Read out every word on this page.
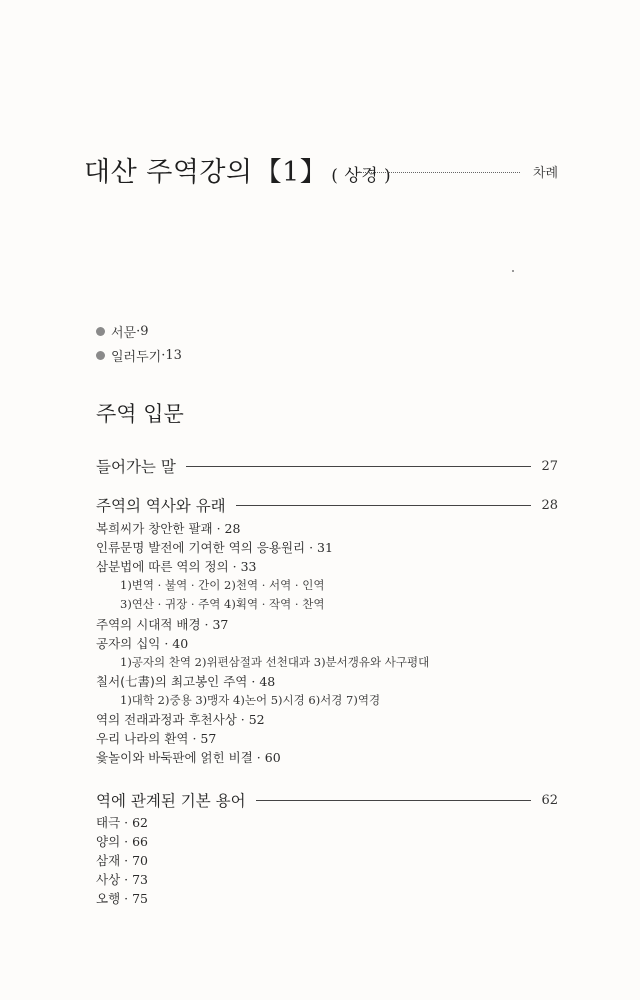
대산 주역강의【1】 ( 상경 )	차례
서문 · 9
일러두기 · 13
주역 입문
들어가는 말	27
주역의 역사와 유래	28
복희씨가 창안한 팔괘 · 28
인류문명 발전에 기여한 역의 응용원리 · 31
삼분법에 따른 역의 정의 · 33
1)변역 · 불역 · 간이 2)천역 · 서역 · 인역
3)연산 · 귀장 · 주역 4)획역 · 작역 · 찬역
주역의 시대적 배경 · 37
공자의 십익 · 40
1)공자의 찬역 2)위편삼절과 선천대과 3)분서갱유와 사구평대
칠서(七書)의 최고봉인 주역 · 48
1)대학 2)중용 3)맹자 4)논어 5)시경 6)서경 7)역경
역의 전래과정과 후천사상 · 52
우리 나라의 환역 · 57
윷놀이와 바둑판에 얽힌 비결 · 60
역에 관계된 기본 용어	62
태극 · 62
양의 · 66
삼재 · 70
사상 · 73
오행 · 75
